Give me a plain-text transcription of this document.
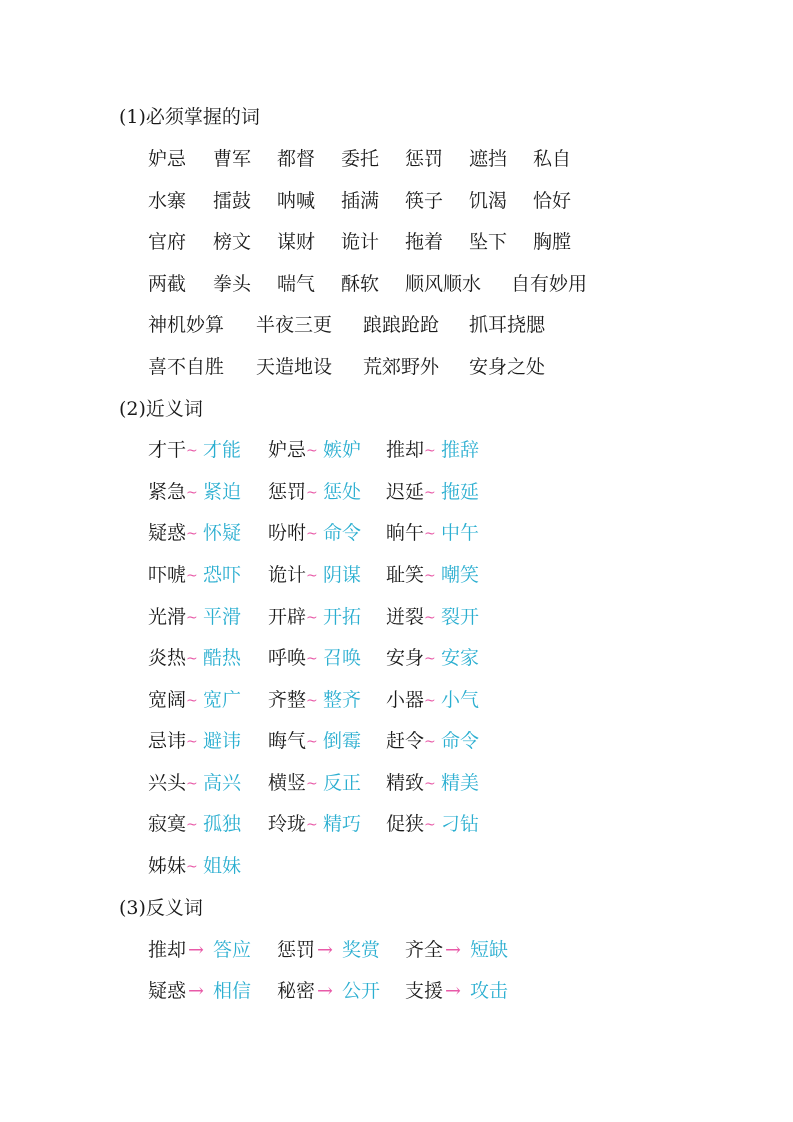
(1)必须掌握的词
妒忌 曹军 都督 委托 惩罚 遮挡 私自
水寨 擂鼓 呐喊 插满 筷子 饥渴 恰好
官府 榜文 谋财 诡计 拖着 坠下 胸膛
两截 拳头 喘气 酥软 顺风顺水 自有妙用
神机妙算 半夜三更 踉踉跄跄 抓耳挠腮
喜不自胜 天造地设 荒郊野外 安身之处
(2)近义词
才干 ~ 才能 妒忌 ~ 嫉妒 推却 ~ 推辞
紧急 ~ 紧迫 惩罚 ~ 惩处 迟延 ~ 拖延
疑惑 ~ 怀疑 吩咐 ~ 命令 晌午 ~ 中午
吓唬 ~ 恐吓 诡计 ~ 阴谋 耻笑 ~ 嘲笑
光滑 ~ 平滑 开辟 ~ 开拓 迸裂 ~ 裂开
炎热 ~ 酷热 呼唤 ~ 召唤 安身 ~ 安家
宽阔 ~ 宽广 齐整 ~ 整齐 小器 ~ 小气
忌讳 ~ 避讳 晦气 ~ 倒霉 赶令 ~ 命令
兴头 ~ 高兴 横竖 ~ 反正 精致 ~ 精美
寂寞 ~ 孤独 玲珑 ~ 精巧 促狭 ~ 刁钻
姊妹 ~ 姐妹
(3)反义词
推却 → 答应 惩罚 → 奖赏 齐全 → 短缺
疑惑 → 相信 秘密 → 公开 支援 → 攻击
